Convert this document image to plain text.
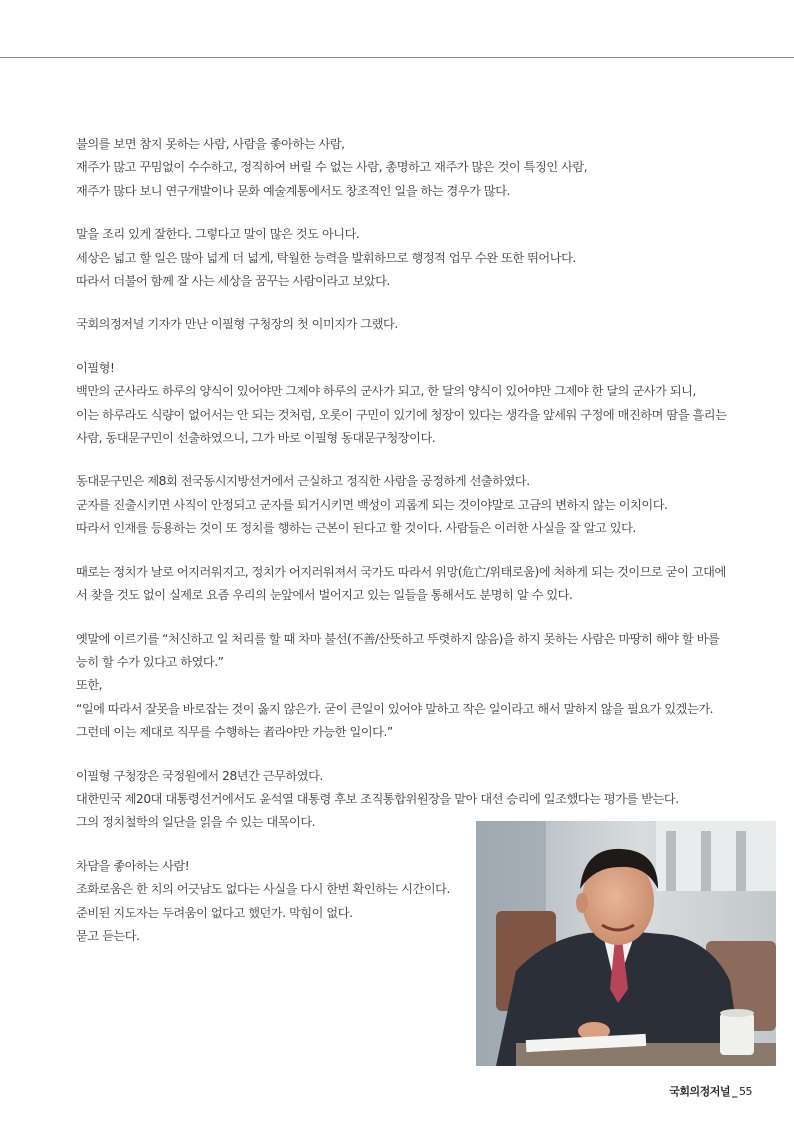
불의를 보면 참지 못하는 사람, 사람을 좋아하는 사람,
재주가 많고 꾸밈없이 수수하고, 정직하여 버릴 수 없는 사람, 총명하고 재주가 많은 것이 특징인 사람,
재주가 많다 보니 연구개발이나 문화 예술계통에서도 창조적인 일을 하는 경우가 많다.
말을 조리 있게 잘한다. 그렇다고 말이 많은 것도 아니다.
세상은 넓고 할 일은 많아 넓게 더 넓게, 탁월한 능력을 발휘하므로 행정적 업무 수완 또한 뛰어나다.
따라서 더불어 함께 잘 사는 세상을 꿈꾸는 사람이라고 보았다.
국회의정저널 기자가 만난 이필형 구청장의 첫 이미지가 그랬다.
이필형!
백만의 군사라도 하루의 양식이 있어야만 그제야 하루의 군사가 되고, 한 달의 양식이 있어야만 그제야 한 달의 군사가 되니,
이는 하루라도 식량이 없어서는 안 되는 것처럼, 오롯이 구민이 있기에 청장이 있다는 생각을 앞세워 구정에 매진하며 땀을 흘리는
사람, 동대문구민이 선출하였으니, 그가 바로 이필형 동대문구청장이다.
동대문구민은 제8회 전국동시지방선거에서 근실하고 정직한 사람을 공정하게 선출하였다.
군자를 진출시키면 사직이 안정되고 군자를 퇴거시키면 백성이 괴롭게 되는 것이야말로 고금의 변하지 않는 이치이다.
따라서 인재를 등용하는 것이 또 정치를 행하는 근본이 된다고 할 것이다. 사람들은 이러한 사실을 잘 알고 있다.
때로는 정치가 날로 어지러워지고, 정치가 어지러워져서 국가도 따라서 위망(危亡/위태로움)에 처하게 되는 것이므로 굳이 고대에
서 찾을 것도 없이 실제로 요즘 우리의 눈앞에서 벌어지고 있는 일들을 통해서도 분명히 알 수 있다.
옛말에 이르기를 “처신하고 일 처리를 할 때 차마 불선(不善/산뜻하고 뚜렷하지 않음)을 하지 못하는 사람은 마땅히 해야 할 바를
능히 할 수가 있다고 하였다.”
또한,
“일에 따라서 잘못을 바로잡는 것이 옳지 않은가. 굳이 큰일이 있어야 말하고 작은 일이라고 해서 말하지 않을 필요가 있겠는가.
그런데 이는 제대로 직무를 수행하는 者라야만 가능한 일이다.”
이필형 구청장은 국정원에서 28년간 근무하였다.
대한민국 제20대 대통령선거에서도 윤석열 대통령 후보 조직통합위원장을 맡아 대선 승리에 일조했다는 평가를 받는다.
그의 정치철학의 일단을 읽을 수 있는 대목이다.
차담을 좋아하는 사람!
조화로움은 한 치의 어긋남도 없다는 사실을 다시 한번 확인하는 시간이다.
준비된 지도자는 두려움이 없다고 했던가. 막힘이 없다.
묻고 듣는다.
국회의정저널 _ 55
